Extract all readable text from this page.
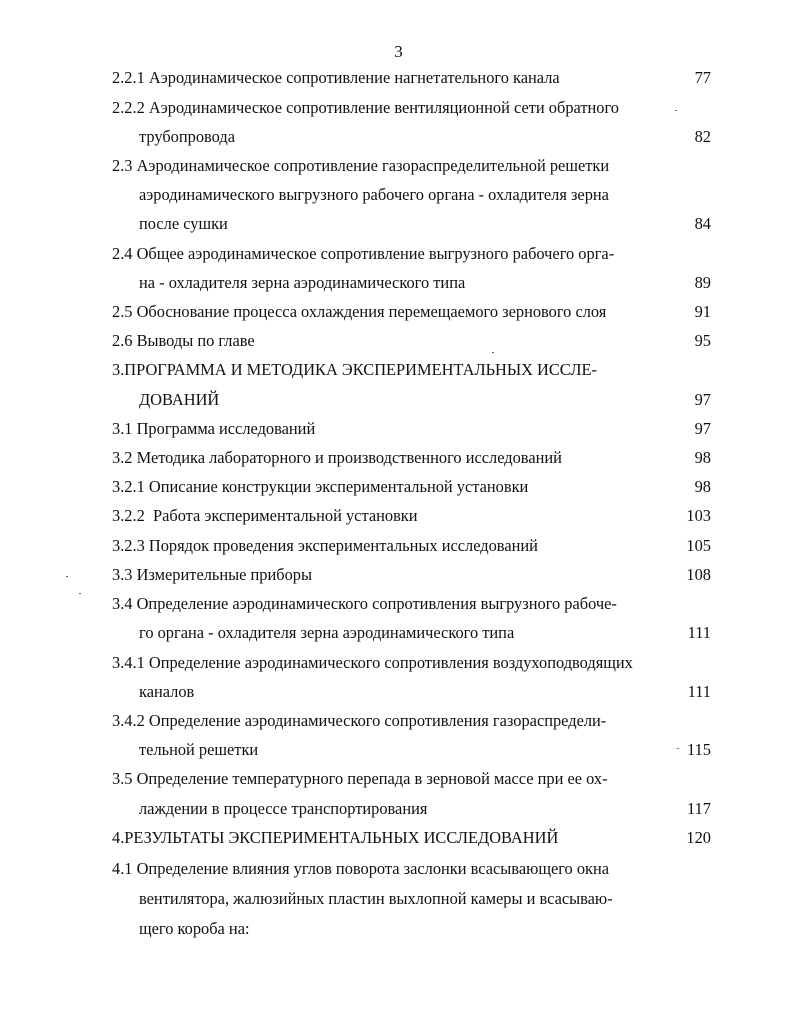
3
2.2.1 Аэродинамическое сопротивление нагнетательного канала	77
2.2.2 Аэродинамическое сопротивление вентиляционной сети обратного
трубопровода	82
2.3 Аэродинамическое сопротивление газораспределительной решетки
аэродинамического выгрузного рабочего органа - охладителя зерна
после сушки	84
2.4 Общее аэродинамическое сопротивление выгрузного рабочего орга-
на - охладителя зерна аэродинамического типа	89
2.5 Обоснование процесса охлаждения перемещаемого зернового слоя	91
2.6 Выводы по главе	95
3.ПРОГРАММА И МЕТОДИКА ЭКСПЕРИМЕНТАЛЬНЫХ ИССЛЕ-
ДОВАНИЙ	97
3.1 Программа исследований	97
3.2 Методика лабораторного и производственного исследований	98
3.2.1 Описание конструкции экспериментальной установки	98
3.2.2  Работа экспериментальной установки	103
3.2.3 Порядок проведения экспериментальных исследований	105
3.3 Измерительные приборы	108
3.4 Определение аэродинамического сопротивления выгрузного рабоче-
го органа - охладителя зерна аэродинамического типа	111
3.4.1 Определение аэродинамического сопротивления воздухоподводящих
каналов	111
3.4.2 Определение аэродинамического сопротивления газораспредели-
тельной решетки	115
3.5 Определение температурного перепада в зерновой массе при ее ох-
лаждении в процессе транспортирования	117
4.РЕЗУЛЬТАТЫ ЭКСПЕРИМЕНТАЛЬНЫХ ИССЛЕДОВАНИЙ	120
4.1 Определение влияния углов поворота заслонки всасывающего окна
вентилятора, жалюзийных пластин выхлопной камеры и всасываю-
щего короба на:
